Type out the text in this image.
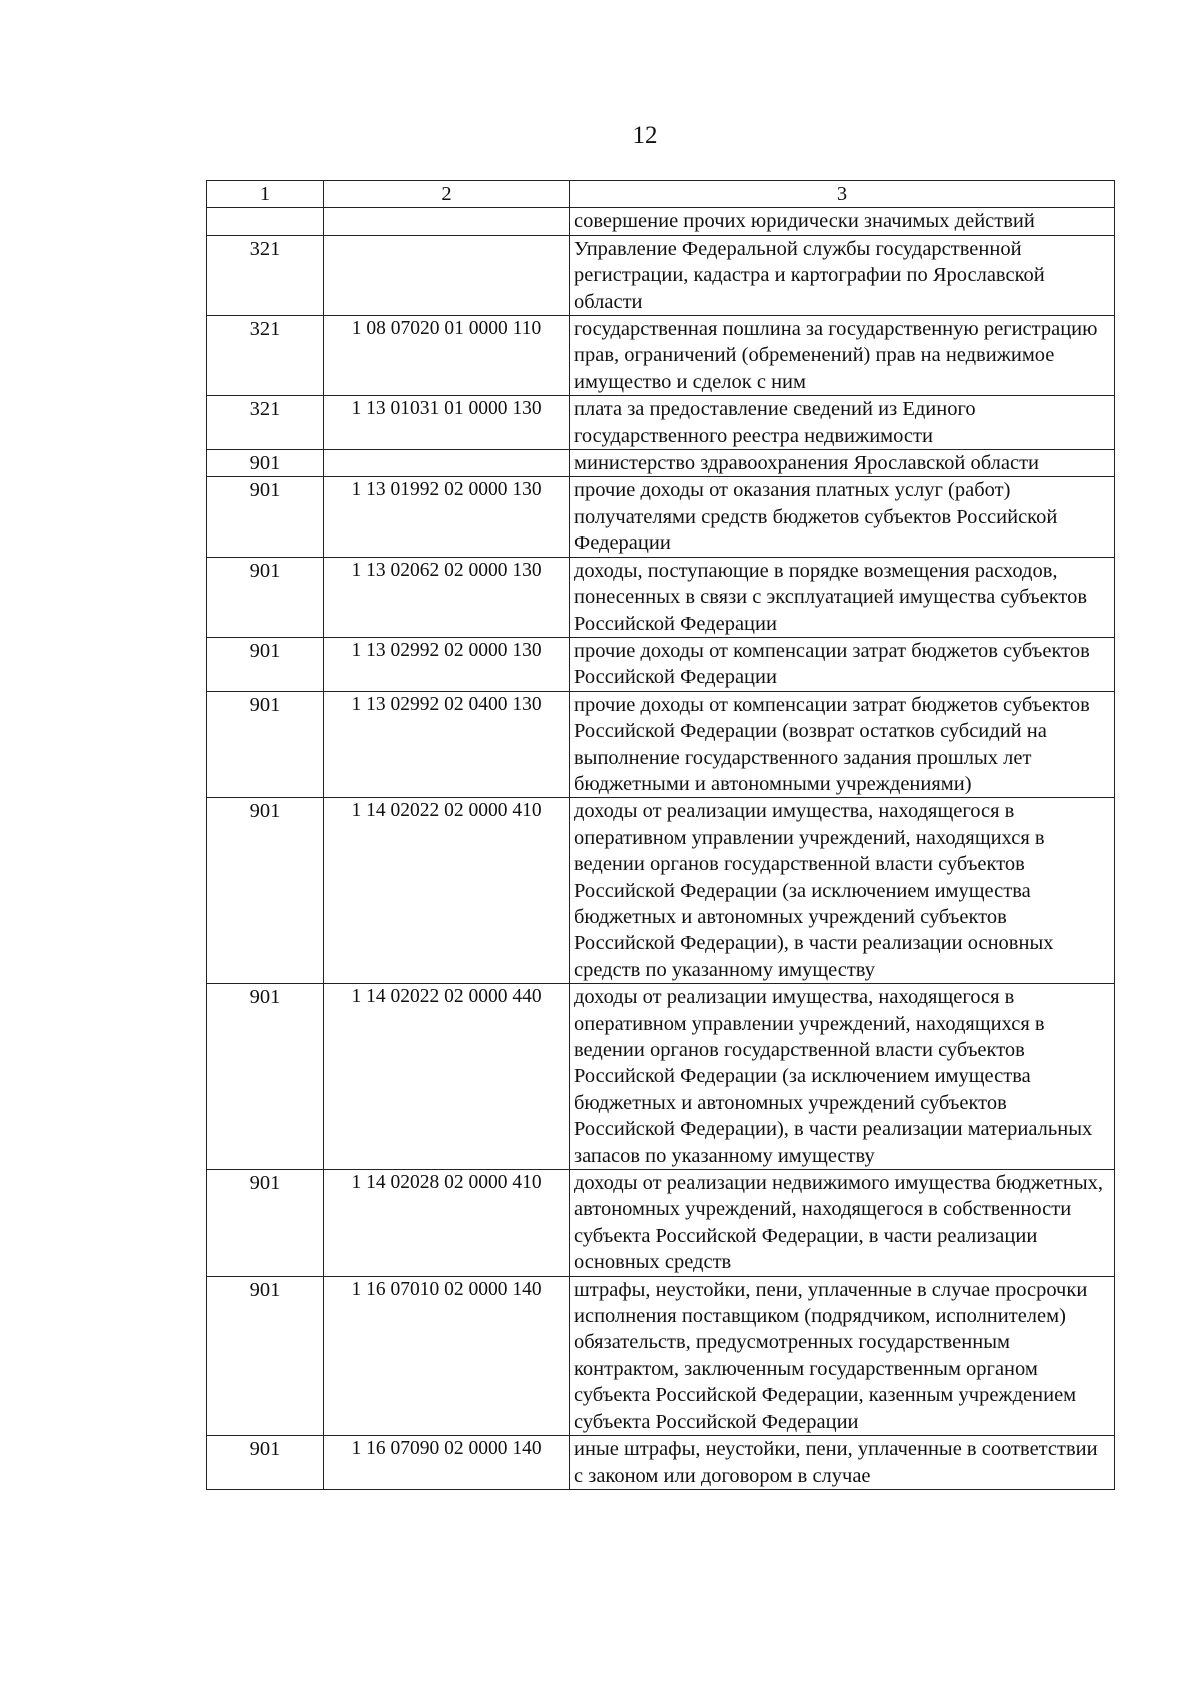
12
1	2	3
		совершение прочих юридически значимых действий
321		Управление Федеральной службы государственной регистрации, кадастра и картографии по Ярославской области
321	1 08 07020 01 0000 110	государственная пошлина за государственную регистрацию прав, ограничений (обременений) прав на недвижимое имущество и сделок с ним
321	1 13 01031 01 0000 130	плата за предоставление сведений из Единого государственного реестра недвижимости
901		министерство здравоохранения Ярославской области
901	1 13 01992 02 0000 130	прочие доходы от оказания платных услуг (работ) получателями средств бюджетов субъектов Российской Федерации
901	1 13 02062 02 0000 130	доходы, поступающие в порядке возмещения расходов, понесенных в связи с эксплуатацией имущества субъектов Российской Федерации
901	1 13 02992 02 0000 130	прочие доходы от компенсации затрат бюджетов субъектов Российской Федерации
901	1 13 02992 02 0400 130	прочие доходы от компенсации затрат бюджетов субъектов Российской Федерации (возврат остатков субсидий на выполнение государственного задания прошлых лет бюджетными и автономными учреждениями)
901	1 14 02022 02 0000 410	доходы от реализации имущества, находящегося в оперативном управлении учреждений, находящихся в ведении органов государственной власти субъектов Российской Федерации (за исключением имущества бюджетных и автономных учреждений субъектов Российской Федерации), в части реализации основных средств по указанному имуществу
901	1 14 02022 02 0000 440	доходы от реализации имущества, находящегося в оперативном управлении учреждений, находящихся в ведении органов государственной власти субъектов Российской Федерации (за исключением имущества бюджетных и автономных учреждений субъектов Российской Федерации), в части реализации материальных запасов по указанному имуществу
901	1 14 02028 02 0000 410	доходы от реализации недвижимого имущества бюджетных, автономных учреждений, находящегося в собственности субъекта Российской Федерации, в части реализации основных средств
901	1 16 07010 02 0000 140	штрафы, неустойки, пени, уплаченные в случае просрочки исполнения поставщиком (подрядчиком, исполнителем) обязательств, предусмотренных государственным контрактом, заключенным государственным органом субъекта Российской Федерации, казенным учреждением субъекта Российской Федерации
901	1 16 07090 02 0000 140	иные штрафы, неустойки, пени, уплаченные в соответствии с законом или договором в случае
